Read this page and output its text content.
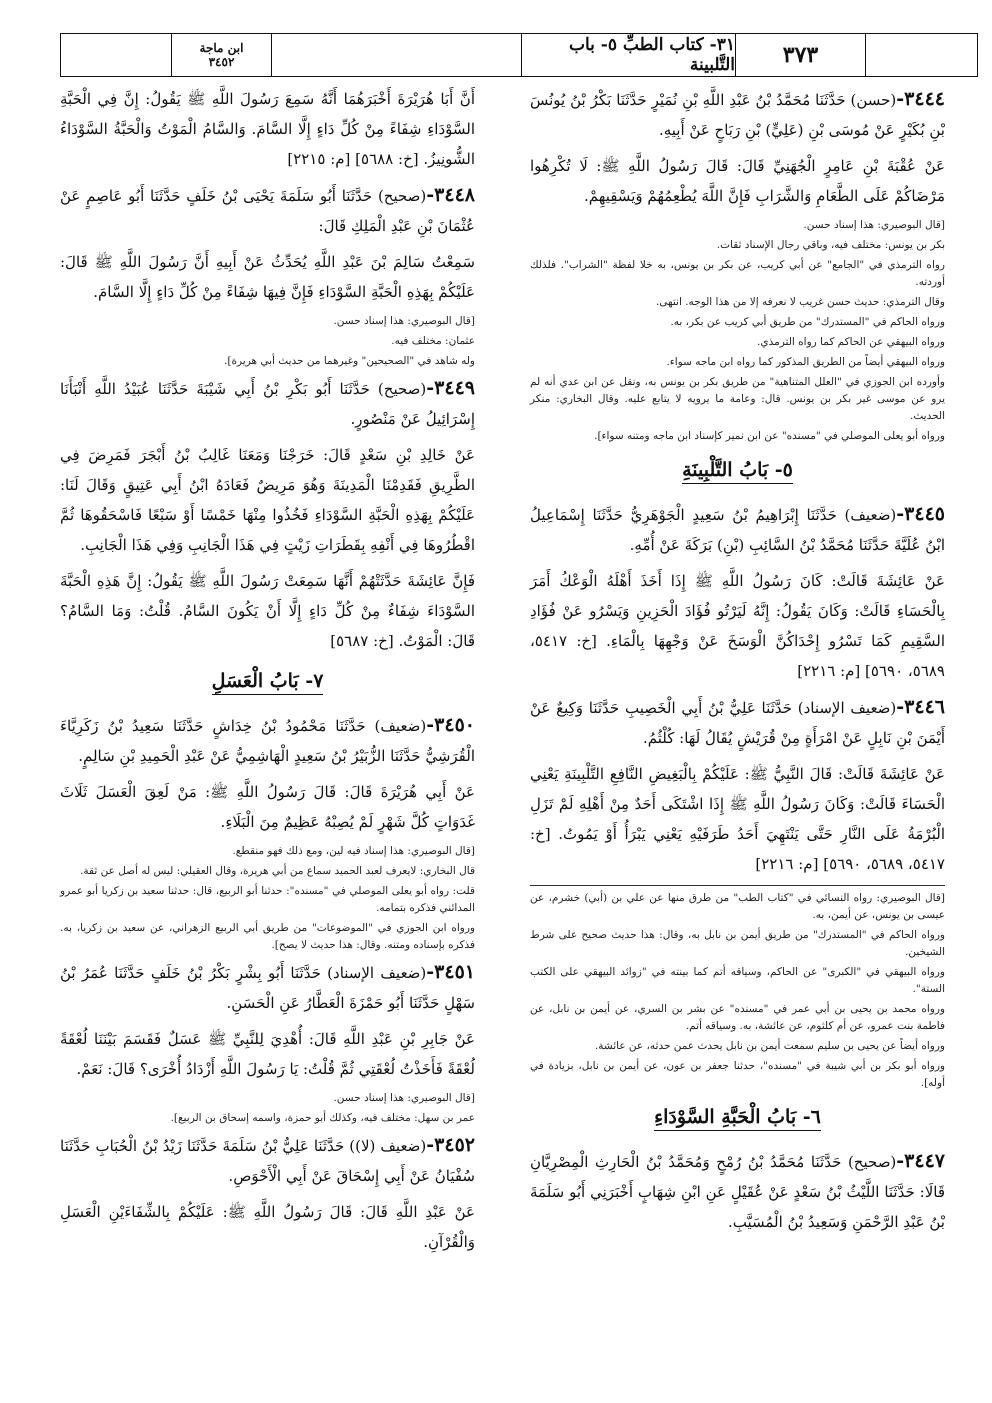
٣٧٣
٣١- كتاب الطبِّ ٥- باب التَّلبينة
ابن ماجة
٣٤٥٢

٣٤٤٤-(حسن) حَدَّثَنَا مُحَمَّدُ بْنُ عَبْدِ اللَّهِ بْنِ نُمَيْرٍ حَدَّثَنَا بَكْرُ بْنُ يُونُسَ بْنِ بُكَيْرٍ عَنْ مُوسَى بْنِ (عَلِيٍّ) بْنِ رَبَاحٍ عَنْ أَبِيهِ.

عَنْ عُقْبَةَ بْنِ عَامِرٍ الْجُهَنِيِّ قَالَ: قَالَ رَسُولُ اللَّهِ ﷺ: لَا تُكْرِهُوا مَرْضَاكُمْ عَلَى الطَّعَامِ وَالشَّرَابِ فَإِنَّ اللَّهَ يُطْعِمُهُمْ وَيَسْقِيهِمْ.

[قال البوصيري: هذا إسناد حسن.

بكر بن يونس: مختلف فيه، وباقي رجال الإسناد ثقات.

رواه الترمذي في "الجامع" عن أبي كريب، عن بكر بن يونس، به خلا لفظة "الشراب". فلذلك أوردته.

وقال الترمذي: حديث حسن غريب لا نعرفه إلا من هذا الوجه. انتهى.

ورواه الحاكم في "المستدرك" من طريق أبي كريب عن بكر، به.

ورواه البيهقي عن الحاكم كما رواه الترمذي.

ورواه البيهقي أيضاً من الطريق المذكور كما رواه ابن ماجه سواء.

وأورده ابن الجوزي في "العلل المتناهية" من طريق بكر بن يونس به، ونقل عن ابن عدي أنه لم يرو عن موسى غير بكر بن يونس. قال: وعامة ما يرويه لا يتابع عليه. وقال البخاري: منكر الحديث.

ورواه أبو يعلى الموصلي في "مسنده" عن ابن نمير كإسناد ابن ماجه ومتنه سواء].

٥- بَابُ التَّلْبِينَةِ

٣٤٤٥-(ضعيف) حَدَّثَنَا إِبْرَاهِيمُ بْنُ سَعِيدٍ الْجَوْهَرِيُّ حَدَّثَنَا إِسْمَاعِيلُ ابْنُ عُلَيَّةَ حَدَّثَنَا مُحَمَّدُ بْنُ السَّائِبِ (بْنِ) بَرَكَةَ عَنْ أُمِّهِ.

عَنْ عَائِشَةَ قَالَتْ: كَانَ رَسُولُ اللَّهِ ﷺ إِذَا أَخَذَ أَهْلَهُ الْوَعْكُ أَمَرَ بِالْحَسَاءِ قَالَتْ: وَكَانَ يَقُولُ: إِنَّهُ لَيَرْتُو فُؤَادَ الْحَزِينِ وَيَسْرُو عَنْ فُؤَادِ السَّقِيمِ كَمَا تَسْرُو إِحْدَاكُنَّ الْوَسَخَ عَنْ وَجْهِهَا بِالْمَاءِ. [خ: ٥٤١٧، ٥٦٨٩، ٥٦٩٠] [م: ٢٢١٦]

٣٤٤٦-(ضعيف الإسناد) حَدَّثَنَا عَلِيُّ بْنُ أَبِي الْخَصِيبِ حَدَّثَنَا وَكِيعٌ عَنْ أَيْمَنَ بْنِ نَابِلٍ عَنْ امْرَأَةٍ مِنْ قُرَيْشٍ يُقَالُ لَهَا: كُلْثُمُ.

عَنْ عَائِشَةَ قَالَتْ: قَالَ النَّبِيُّ ﷺ: عَلَيْكُمْ بِالْبَغِيضِ النَّافِعِ التَّلْبِينَةِ يَعْنِي الْحَسَاءَ قَالَتْ: وَكَانَ رَسُولُ اللَّهِ ﷺ إِذَا اشْتَكَى أَحَدٌ مِنْ أَهْلِهِ لَمْ تَزَلِ الْبُرْمَةُ عَلَى النَّارِ حَتَّى يَنْتَهِيَ أَحَدُ طَرَفَيْهِ يَعْنِي يَبْرَأُ أَوْ يَمُوتُ. [خ: ٥٤١٧، ٥٦٨٩، ٥٦٩٠] [م: ٢٢١٦]

[قال البوصيري: رواه النسائي في "كتاب الطب" من طرق منها عن علي بن (أبي) خشرم، عن عيسى بن يونس، عن أيمن، به.

ورواه الحاكم في "المستدرك" من طريق أيمن بن نابل به، وقال: هذا حديث صحيح على شرط الشيخين.

ورواه البيهقي في "الكبرى" عن الحاكم، وسياقه أتم كما بينته في "زوائد البيهقي على الكتب الستة".

ورواه محمد بن يحيى بن أبي عمر في "مسنده" عن بشر بن السري، عن أيمن بن نابل، عن فاطمة بنت عمرو، عن أم كلثوم، عن عائشة، به. وسياقه أتم.

ورواه أيضاً عن يحيى بن سليم سمعت أيمن بن نابل يحدث عمن حدثه، عن عائشة.

ورواه أبو بكر بن أبي شيبة في "مسنده"، حدثنا جعفر بن عون، عن أيمن بن نابل، بزيادة في أوله].

٦- بَابُ الْحَبَّةِ السَّوْدَاءِ

٣٤٤٧-(صحيح) حَدَّثَنَا مُحَمَّدُ بْنُ رُمْحٍ وَمُحَمَّدُ بْنُ الْحَارِثِ الْمِصْرِيَّانِ قَالَا: حَدَّثَنَا اللَّيْثُ بْنُ سَعْدٍ عَنْ عُقَيْلٍ عَنِ ابْنِ شِهَابٍ أَخْبَرَنِي أَبُو سَلَمَةَ بْنُ عَبْدِ الرَّحْمَنِ وَسَعِيدُ بْنُ الْمُسَيَّبِ.

أَنَّ أَبَا هُرَيْرَةَ أَخْبَرَهُمَا أَنَّهُ سَمِعَ رَسُولَ اللَّهِ ﷺ يَقُولُ: إِنَّ فِي الْحَبَّةِ السَّوْدَاءِ شِفَاءً مِنْ كُلِّ دَاءٍ إِلَّا السَّامَ. وَالسَّامُ الْمَوْتُ وَالْحَبَّةُ السَّوْدَاءُ الشُّونِيزُ. [خ: ٥٦٨٨] [م: ٢٢١٥]

٣٤٤٨-(صحيح) حَدَّثَنَا أَبُو سَلَمَةَ يَحْيَى بْنُ خَلَفٍ حَدَّثَنَا أَبُو عَاصِمٍ عَنْ عُثْمَانَ بْنِ عَبْدِ الْمَلِكِ قَالَ:

سَمِعْتُ سَالِمَ بْنَ عَبْدِ اللَّهِ يُحَدِّثُ عَنْ أَبِيهِ أَنَّ رَسُولَ اللَّهِ ﷺ قَالَ: عَلَيْكُمْ بِهَذِهِ الْحَبَّةِ السَّوْدَاءِ فَإِنَّ فِيهَا شِفَاءً مِنْ كُلِّ دَاءٍ إِلَّا السَّامَ.

[قال البوصيري: هذا إسناد حسن.

عثمان: مختلف فيه.

وله شاهد في "الصحيحين" وغيرهما من حديث أبي هريرة].

٣٤٤٩-(صحيح) حَدَّثَنَا أَبُو بَكْرِ بْنُ أَبِي شَيْبَةَ حَدَّثَنَا عُبَيْدُ اللَّهِ أَنْبَأَنَا إِسْرَائِيلُ عَنْ مَنْصُورٍ.

عَنْ خَالِدِ بْنِ سَعْدٍ قَالَ: خَرَجْنَا وَمَعَنَا غَالِبُ بْنُ أَبْجَرَ فَمَرِضَ فِي الطَّرِيقِ فَقَدِمْنَا الْمَدِينَةَ وَهُوَ مَرِيضٌ فَعَادَهُ ابْنُ أَبِي عَتِيقٍ وَقَالَ لَنَا: عَلَيْكُمْ بِهَذِهِ الْحَبَّةِ السَّوْدَاءِ فَخُذُوا مِنْهَا خَمْسًا أَوْ سَبْعًا فَاسْحَقُوهَا ثُمَّ اقْطُرُوهَا فِي أَنْفِهِ بِقَطَرَاتِ زَيْتٍ فِي هَذَا الْجَانِبِ وَفِي هَذَا الْجَانِبِ.

فَإِنَّ عَائِشَةَ حَدَّثَتْهُمْ أَنَّهَا سَمِعَتْ رَسُولَ اللَّهِ ﷺ يَقُولُ: إِنَّ هَذِهِ الْحَبَّةَ السَّوْدَاءَ شِفَاءٌ مِنْ كُلِّ دَاءٍ إِلَّا أَنْ يَكُونَ السَّامُ. قُلْتُ: وَمَا السَّامُ؟ قَالَ: الْمَوْتُ. [خ: ٥٦٨٧]

٧- بَابُ الْعَسَلِ

٣٤٥٠-(ضعيف) حَدَّثَنَا مَحْمُودُ بْنُ خِدَاشٍ حَدَّثَنَا سَعِيدُ بْنُ زَكَرِيَّاءَ الْقُرَشِيُّ حَدَّثَنَا الزُّبَيْرُ بْنُ سَعِيدٍ الْهَاشِمِيُّ عَنْ عَبْدِ الْحَمِيدِ بْنِ سَالِمٍ.

عَنْ أَبِي هُرَيْرَةَ قَالَ: قَالَ رَسُولُ اللَّهِ ﷺ: مَنْ لَعِقَ الْعَسَلَ ثَلَاثَ غَدَوَاتٍ كُلَّ شَهْرٍ لَمْ يُصِبْهُ عَظِيمٌ مِنَ الْبَلَاءِ.

[قال البوصيري: هذا إسناد فيه لين، ومع ذلك فهو منقطع.

قال البخاري: لايعرف لعبد الحميد سماع من أبي هريرة، وقال العقيلي: ليس له أصل عن ثقة.

قلت: رواه أبو يعلى الموصلي في "مسنده": حدثنا أبو الربيع، قال: حدثنا سعيد بن زكريا أبو عمرو المدائني فذكره بتمامه.

ورواه ابن الجوزي في "الموضوعات" من طريق أبي الربيع الزهراني، عن سعيد بن زكريا، به. فذكره بإسناده ومتنه. وقال: هذا حديث لا يصح].

٣٤٥١-(ضعيف الإسناد) حَدَّثَنَا أَبُو بِشْرٍ بَكْرُ بْنُ خَلَفٍ حَدَّثَنَا عُمَرُ بْنُ سَهْلٍ حَدَّثَنَا أَبُو حَمْزَةَ الْعَطَّارُ عَنِ الْحَسَنِ.

عَنْ جَابِرِ بْنِ عَبْدِ اللَّهِ قَالَ: أُهْدِيَ لِلنَّبِيِّ ﷺ عَسَلٌ فَقَسَمَ بَيْنَنَا لُعْقَةً لُعْقَةً فَأَخَذْتُ لُعْقَتِي ثُمَّ قُلْتُ: يَا رَسُولَ اللَّهِ أَزْدَادُ أُخْرَى؟ قَالَ: نَعَمْ.

[قال البوصيري: هذا إسناد حسن.

عمر بن سهل: مختلف فيه، وكذلك أبو حمزة، واسمه إسحاق بن الربيع].

٣٤٥٢-(ضعيف (لا)) حَدَّثَنَا عَلِيُّ بْنُ سَلَمَةَ حَدَّثَنَا زَيْدُ بْنُ الْحُبَابِ حَدَّثَنَا سُفْيَانُ عَنْ أَبِي إِسْحَاقَ عَنْ أَبِي الْأَحْوَصِ.

عَنْ عَبْدِ اللَّهِ قَالَ: قَالَ رَسُولُ اللَّهِ ﷺ: عَلَيْكُمْ بِالشِّفَاءَيْنِ الْعَسَلِ وَالْقُرْآنِ.
